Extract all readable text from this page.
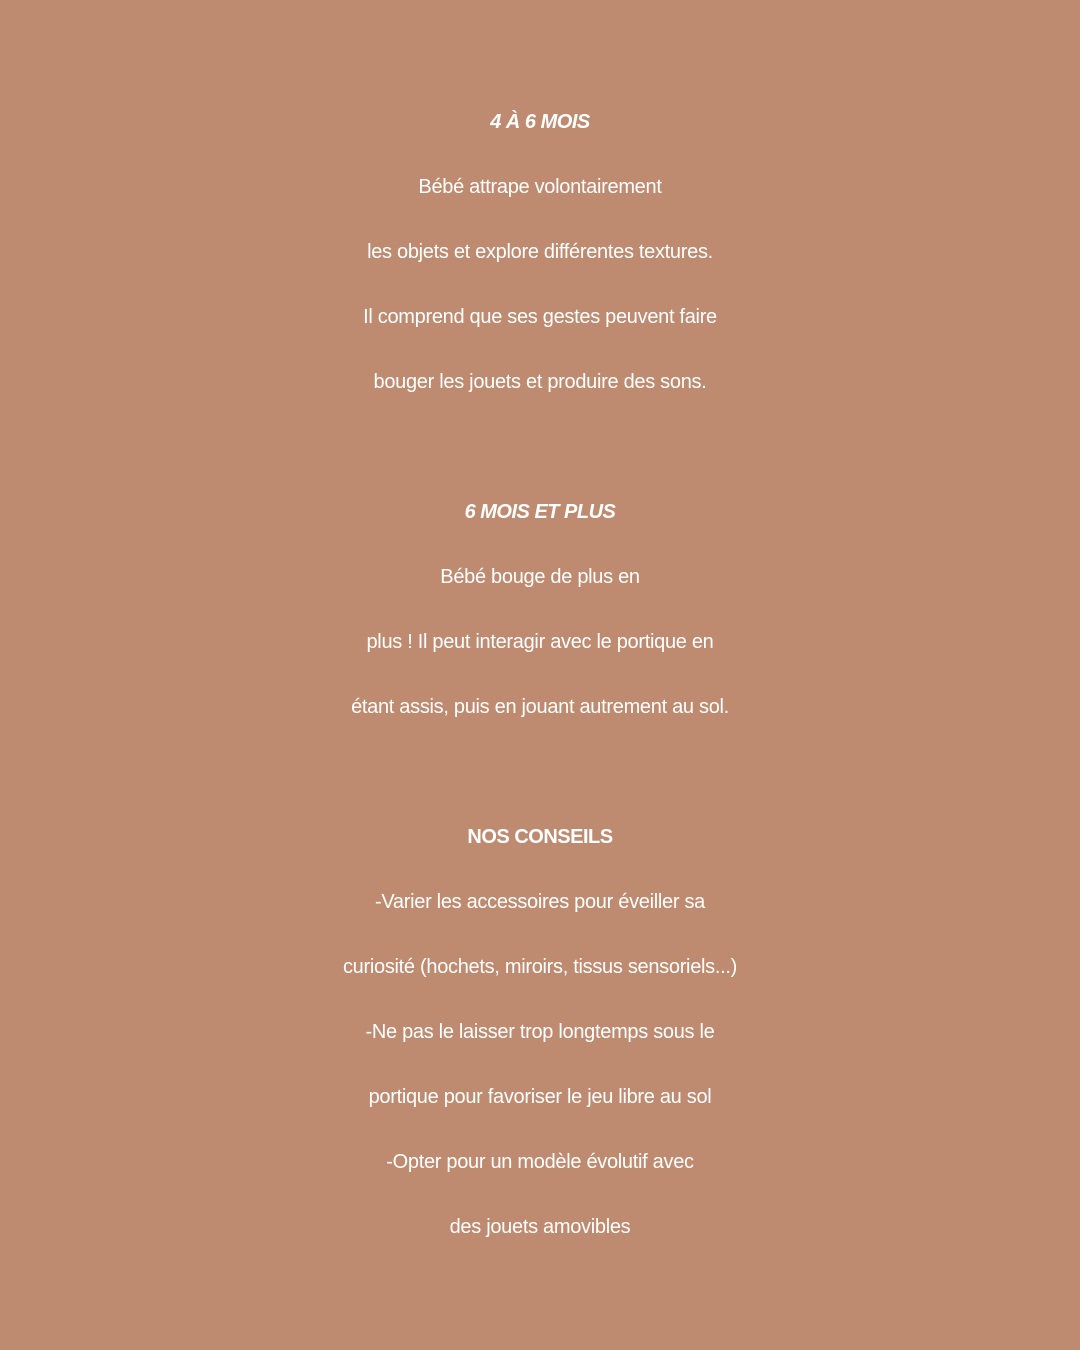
4 À 6 MOIS
Bébé attrape volontairement
les objets et explore différentes textures.
Il comprend que ses gestes peuvent faire
bouger les jouets et produire des sons.
6 MOIS ET PLUS
Bébé bouge de plus en
plus ! Il peut interagir avec le portique en
étant assis, puis en jouant autrement au sol.
NOS CONSEILS
-Varier les accessoires pour éveiller sa
curiosité (hochets, miroirs, tissus sensoriels...)
-Ne pas le laisser trop longtemps sous le
portique pour favoriser le jeu libre au sol
-Opter pour un modèle évolutif avec
des jouets amovibles
